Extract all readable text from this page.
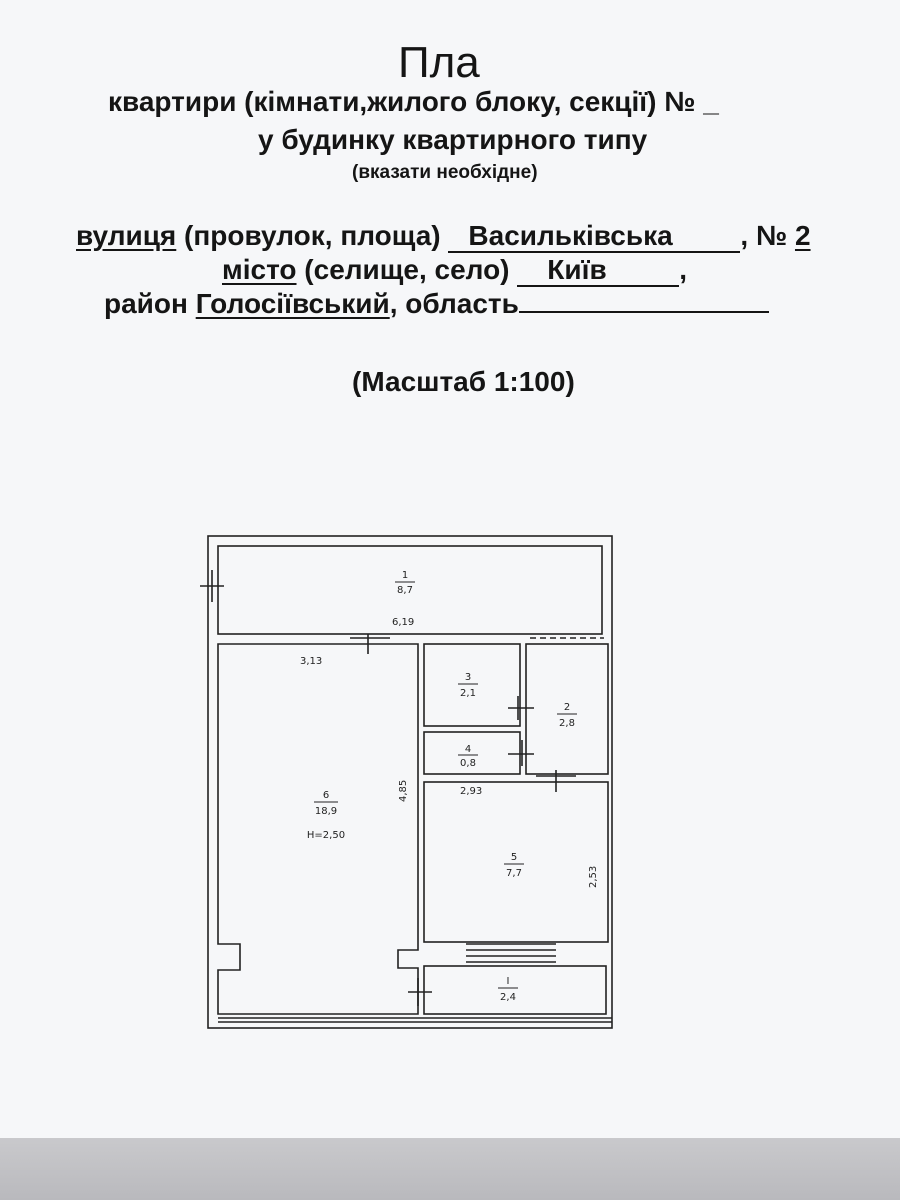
Пла
квартири (кімнати,жилого блоку, секції) № _
у будинку квартирного типу
(вказати необхідне)
вулиця (провулок, площа) Васильківська , № 2
місто (селище, село) Київ	,
район Голосіївський, область
(Масштаб 1:100)
1
8,7
2
2,8
3
2,1
4
0,8
5
7,7
6
18,9
H=2,50
I
2,4
6,19
3,13
4,85	2,93
2,53
